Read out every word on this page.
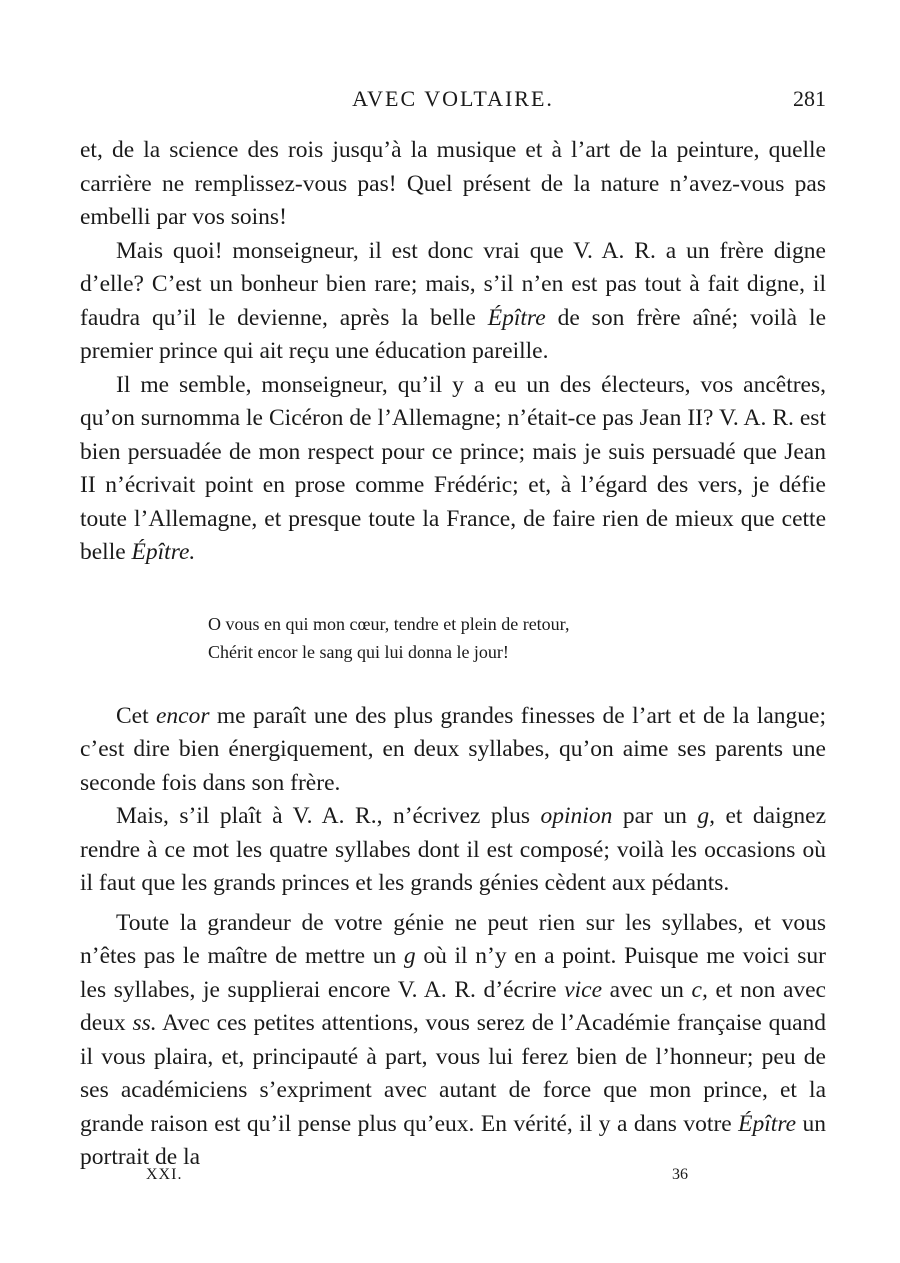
AVEC VOLTAIRE.	281

et, de la science des rois jusqu’à la musique et à l’art de la peinture, quelle carrière ne remplissez-vous pas! Quel présent de la nature n’avez-vous pas embelli par vos soins!

Mais quoi! monseigneur, il est donc vrai que V. A. R. a un frère digne d’elle? C’est un bonheur bien rare; mais, s’il n’en est pas tout à fait digne, il faudra qu’il le devienne, après la belle Épître de son frère aîné; voilà le premier prince qui ait reçu une éducation pareille.

Il me semble, monseigneur, qu’il y a eu un des électeurs, vos ancêtres, qu’on surnomma le Cicéron de l’Allemagne; n’était-ce pas Jean II? V. A. R. est bien persuadée de mon respect pour ce prince; mais je suis persuadé que Jean II n’écrivait point en prose comme Frédéric; et, à l’égard des vers, je défie toute l’Allemagne, et presque toute la France, de faire rien de mieux que cette belle Épître.

O vous en qui mon cœur, tendre et plein de retour,
Chérit encor le sang qui lui donna le jour!

Cet encor me paraît une des plus grandes finesses de l’art et de la langue; c’est dire bien énergiquement, en deux syllabes, qu’on aime ses parents une seconde fois dans son frère.

Mais, s’il plaît à V. A. R., n’écrivez plus opinion par un g, et daignez rendre à ce mot les quatre syllabes dont il est composé; voilà les occasions où il faut que les grands princes et les grands génies cèdent aux pédants.

Toute la grandeur de votre génie ne peut rien sur les syllabes, et vous n’êtes pas le maître de mettre un g où il n’y en a point. Puisque me voici sur les syllabes, je supplierai encore V. A. R. d’écrire vice avec un c, et non avec deux ss. Avec ces petites attentions, vous serez de l’Académie française quand il vous plaira, et, principauté à part, vous lui ferez bien de l’honneur; peu de ses académiciens s’expriment avec autant de force que mon prince, et la grande raison est qu’il pense plus qu’eux. En vérité, il y a dans votre Épître un portrait de la

XXI.	36
